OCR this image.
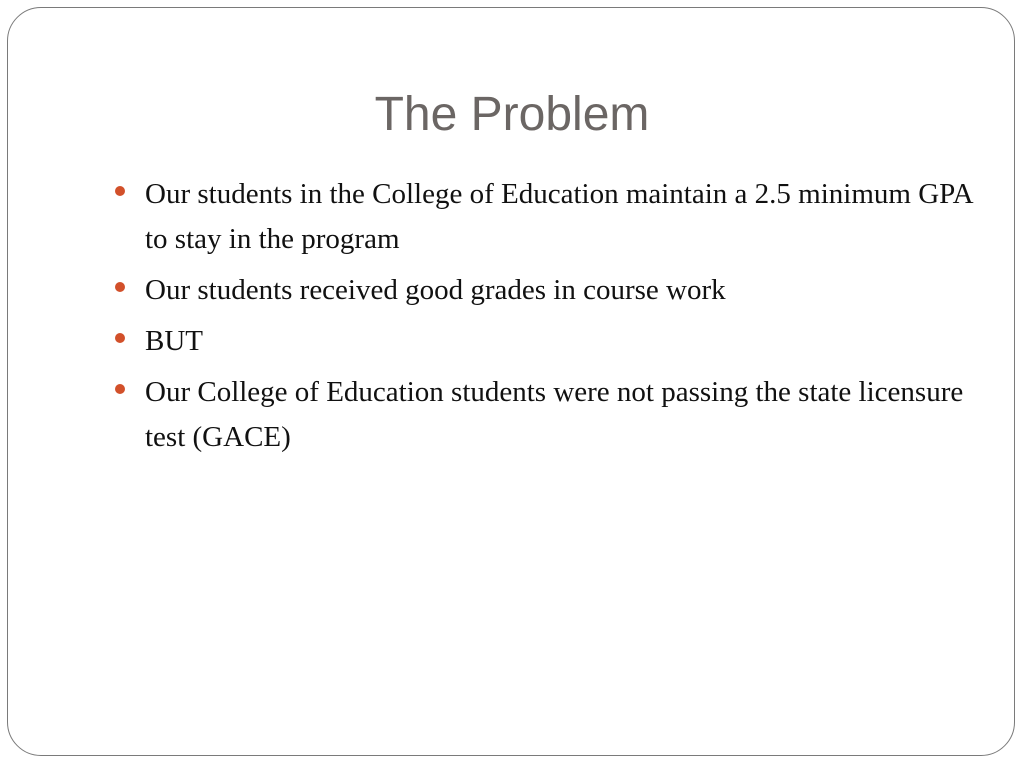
The Problem
Our students in the College of Education maintain a 2.5 minimum GPA to stay in the program
Our students received good grades in course work
BUT
Our College of Education students were not passing the state licensure test (GACE)
